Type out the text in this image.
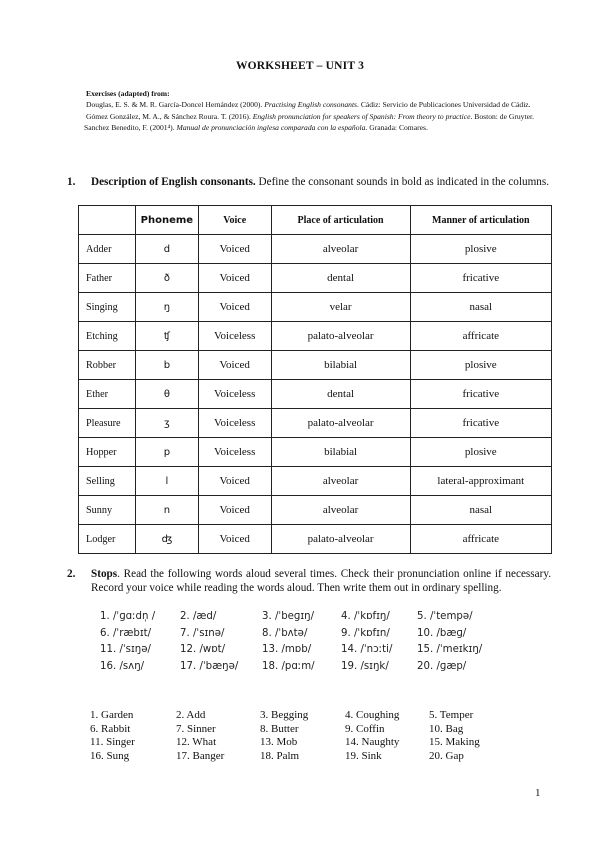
WORKSHEET – UNIT 3
Exercises (adapted) from:
Douglas, E. S. & M. R. García-Doncel Hernández (2000). Practising English consonants. Cádiz: Servicio de Publicaciones Universidad de Cádiz.
Gómez González, M. A., & Sánchez Roura. T. (2016). English pronunciation for speakers of Spanish: From theory to practice. Boston: de Gruyter.
Sanchez Benedito, F. (2001⁴). Manual de pronunciación inglesa comparada con la española. Granada: Comares.
1. Description of English consonants. Define the consonant sounds in bold as indicated in the columns.
	Phoneme	Voice	Place of articulation	Manner of articulation
Adder	d	Voiced	alveolar	plosive
Father	ð	Voiced	dental	fricative
Singing	ŋ	Voiced	velar	nasal
Etching	ʧ	Voiceless	palato-alveolar	affricate
Robber	b	Voiced	bilabial	plosive
Ether	θ	Voiceless	dental	fricative
Pleasure	ʒ	Voiceless	palato-alveolar	fricative
Hopper	p	Voiceless	bilabial	plosive
Selling	l	Voiced	alveolar	lateral-approximant
Sunny	n	Voiced	alveolar	nasal
Lodger	ʤ	Voiced	palato-alveolar	affricate
2. Stops. Read the following words aloud several times. Check their pronunciation online if necessary. Record your voice while reading the words aloud. Then write them out in ordinary spelling.
1. /ˈɡɑːdn̩ / 2. /æd/	3. /ˈbeɡɪŋ/	4. /ˈkɒfɪŋ/	5. /ˈtempə/
6. /ˈræbɪt/	7. /ˈsɪnə/	8. /ˈbʌtə/	9. /ˈkɒfɪn/	10. /bæɡ/
11. /ˈsɪŋə/	12. /wɒt/	13. /mɒb/	14. /ˈnɔːti/ 15. /ˈmeɪkɪŋ/
16. /sʌŋ/	17. /ˈbæŋə/ 18. /pɑːm/	19. /sɪŋk/	20. /ɡæp/
1. Garden	2. Add	3. Begging	4. Coughing	5. Temper
6. Rabbit	7. Sinner	8. Butter	9. Coffin	10. Bag
11. Singer	12. What	13. Mob	14. Naughty	15. Making
16. Sung	17. Banger	18. Palm	19. Sink	20. Gap
1
